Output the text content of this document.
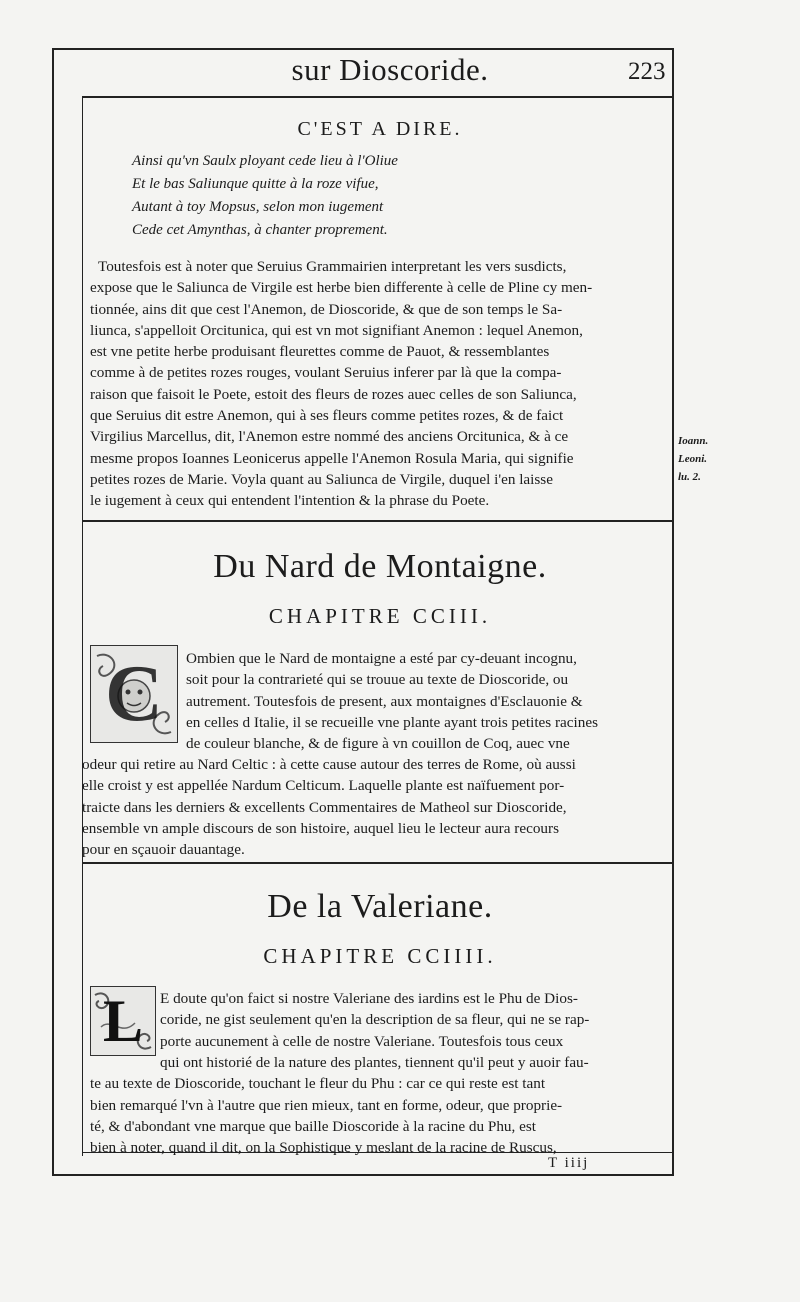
sur Dioscoride.	223
C'EST A DIRE.
Ainsi qu'vn Saulx ployant cede lieu à l'Oliue
Et le bas Saliunque quitte à la roze vifue,
Autant à toy Mopsus, selon mon iugement
Cede cet Amynthas, à chanter proprement.

Toutesfois est à noter que Seruius Grammairien interpretant les vers susdicts,

expose que le Saliunca de Virgile est herbe bien differente à celle de Pline cy men-

tionnée, ains dit que cest l'Anemon, de Dioscoride, & que de son temps le Sa-

liunca, s'appelloit Orcitunica, qui est vn mot signifiant Anemon : lequel Anemon,

est vne petite herbe produisant fleurettes comme de Pauot, & ressemblantes

comme à de petites rozes rouges, voulant Seruius inferer par là que la compa-

raison que faisoit le Poete, estoit des fleurs de rozes auec celles de son Saliunca,

que Seruius dit estre Anemon, qui à ses fleurs comme petites rozes, & de faict

Virgilius Marcellus, dit, l'Anemon estre nommé des anciens Orcitunica, & à ce

mesme propos Ioannes Leonicerus appelle l'Anemon Rosula Maria, qui signifie

petites rozes de Marie. Voyla quant au Saliunca de Virgile, duquel i'en laisse

le iugement à ceux qui entendent l'intention & la phrase du Poete.

Ioann.
Leoni.
lu. 2.
Du Nard de Montaigne.
CHAPITRE CCIII.
C Ombien que le Nard de montaigne a esté par cy-deuant incognu,

soit pour la contrarieté qui se trouue au texte de Dioscoride, ou

autrement. Toutesfois de present, aux montaignes d'Esclauonie &

en celles d Italie, il se recueille vne plante ayant trois petites racines

de couleur blanche, & de figure à vn couillon de Coq, auec vne

odeur qui retire au Nard Celtic : à cette cause autour des terres de Rome, où aussi

elle croist y est appellée Nardum Celticum. Laquelle plante est naïfuement por-

traicte dans les derniers & excellents Commentaires de Matheol sur Dioscoride,

ensemble vn ample discours de son histoire, auquel lieu le lecteur aura recours

pour en sçauoir dauantage.

De la Valeriane.
CHAPITRE CCIIII.
L E doute qu'on faict si nostre Valeriane des iardins est le Phu de Dios-

coride, ne gist seulement qu'en la description de sa fleur, qui ne se rap-

porte aucunement à celle de nostre Valeriane. Toutesfois tous ceux

qui ont historié de la nature des plantes, tiennent qu'il peut y auoir fau-

te au texte de Dioscoride, touchant le fleur du Phu : car ce qui reste est tant

bien remarqué l'vn à l'autre que rien mieux, tant en forme, odeur, que proprie-

té, & d'abondant vne marque que baille Dioscoride à la racine du Phu, est

bien à noter, quand il dit, on la Sophistique y meslant de la racine de Ruscus,

T iiij
